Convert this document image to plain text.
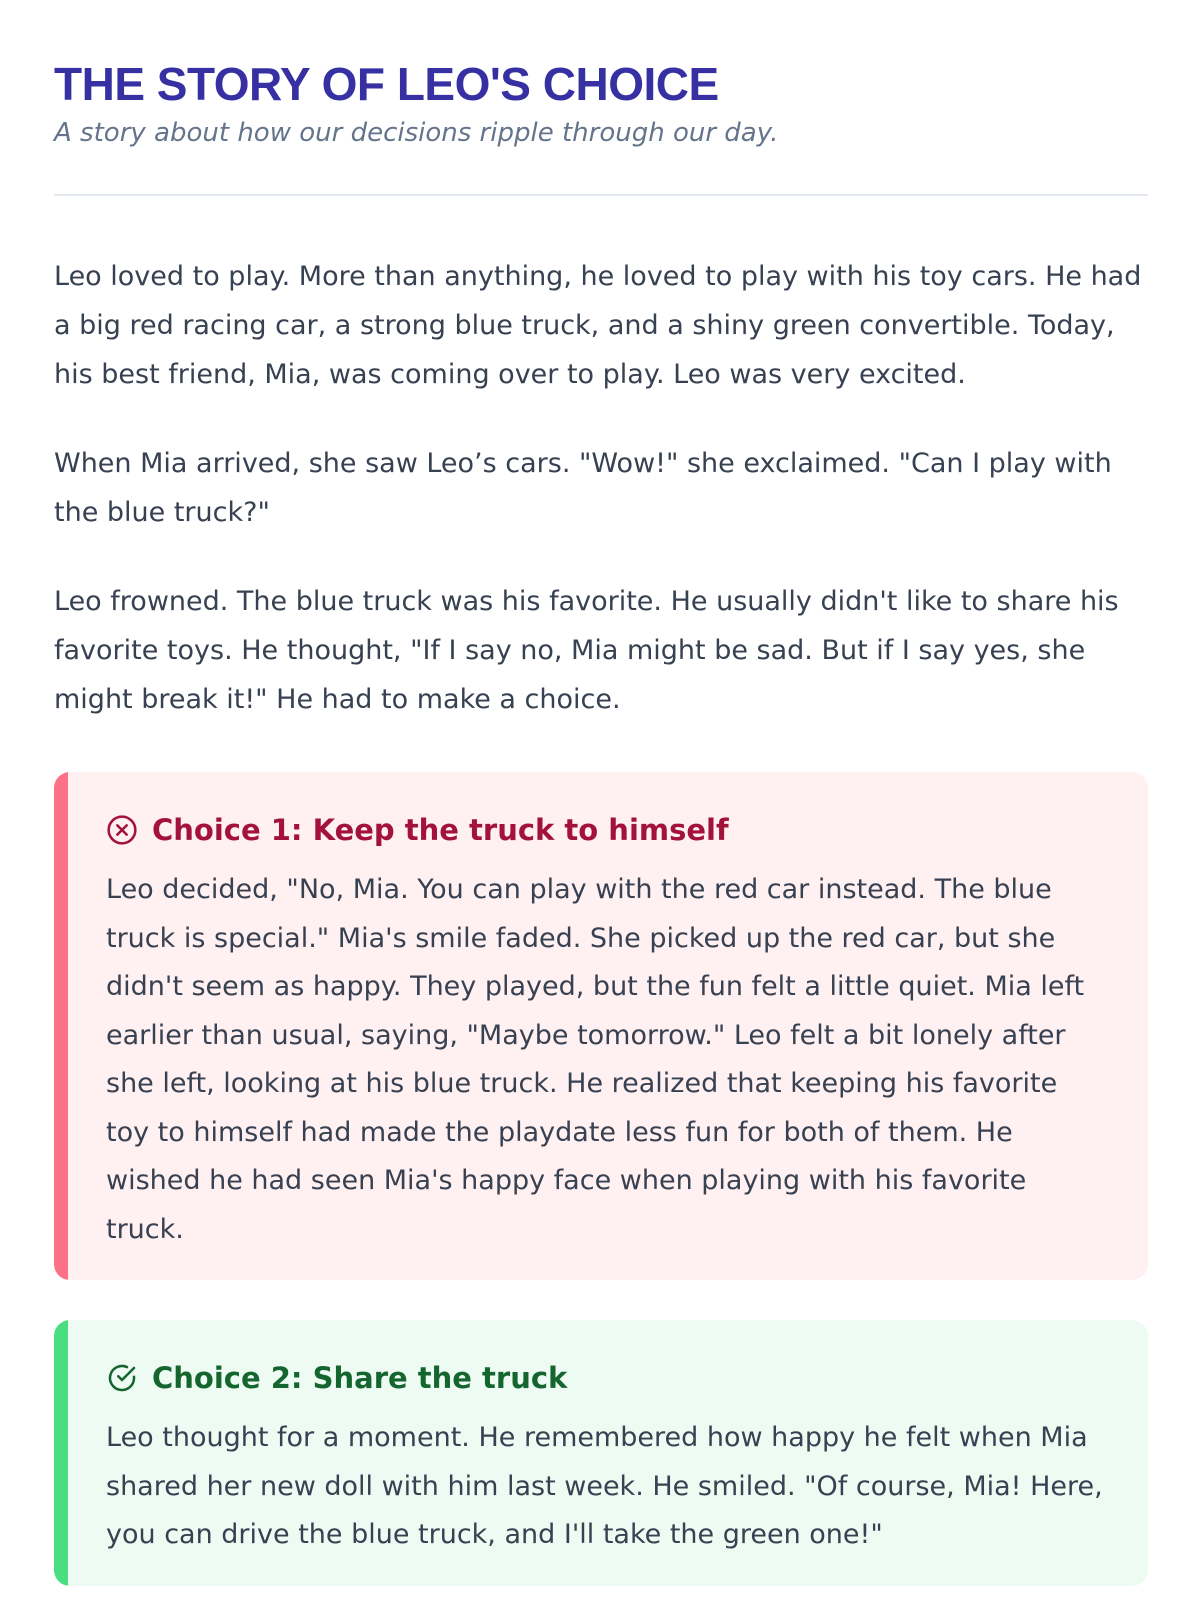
THE STORY OF LEO'S CHOICE

A story about how our decisions ripple through our day.

Leo loved to play. More than anything, he loved to play with his toy cars. He had a big red racing car, a strong blue truck, and a shiny green convertible. Today, his best friend, Mia, was coming over to play. Leo was very excited.

When Mia arrived, she saw Leo’s cars. "Wow!" she exclaimed. "Can I play with the blue truck?"

Leo frowned. The blue truck was his favorite. He usually didn't like to share his favorite toys. He thought, "If I say no, Mia might be sad. But if I say yes, she might break it!" He had to make a choice.

Choice 1: Keep the truck to himself

Leo decided, "No, Mia. You can play with the red car instead. The blue truck is special." Mia's smile faded. She picked up the red car, but she didn't seem as happy. They played, but the fun felt a little quiet. Mia left earlier than usual, saying, "Maybe tomorrow." Leo felt a bit lonely after she left, looking at his blue truck. He realized that keeping his favorite toy to himself had made the playdate less fun for both of them. He wished he had seen Mia's happy face when playing with his favorite truck.

Choice 2: Share the truck

Leo thought for a moment. He remembered how happy he felt when Mia shared her new doll with him last week. He smiled. "Of course, Mia! Here, you can drive the blue truck, and I'll take the green one!"
